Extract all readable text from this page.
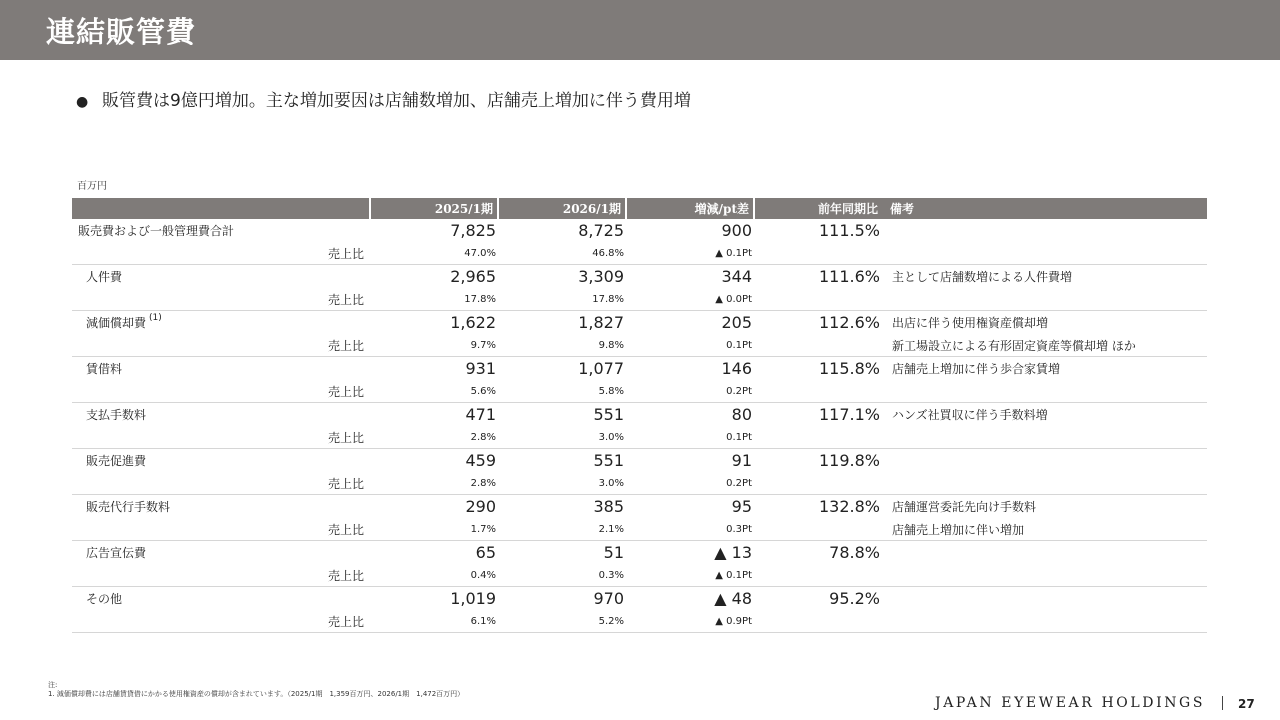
連結販管費
● 販管費は9億円増加。主な増加要因は店舗数増加、店舗売上増加に伴う費用増
百万円
	2025/1期	2026/1期	増減/pt差	前年同期比	備考
販売費および一般管理費合計	7,825	8,725	900	111.5%	
売上比	47.0%	46.8%	▲ 0.1Pt		
人件費	2,965	3,309	344	111.6%	主として店舗数増による人件費増
売上比	17.8%	17.8%	▲ 0.0Pt		
減価償却費 $^{(1)}$	1,622	1,827	205	112.6%	出店に伴う使用権資産償却増
売上比	9.7%	9.8%	0.1Pt		新工場設立による有形固定資産等償却増 ほか
賃借料	931	1,077	146	115.8%	店舗売上増加に伴う歩合家賃増
売上比	5.6%	5.8%	0.2Pt		
支払手数料	471	551	80	117.1%	ハンズ社買収に伴う手数料増
売上比	2.8%	3.0%	0.1Pt		
販売促進費	459	551	91	119.8%	
売上比	2.8%	3.0%	0.2Pt		
販売代行手数料	290	385	95	132.8%	店舗運営委託先向け手数料
売上比	1.7%	2.1%	0.3Pt		店舗売上増加に伴い増加
広告宣伝費	65	51	▲ 13	78.8%	
売上比	0.4%	0.3%	▲ 0.1Pt		
その他	1,019	970	▲ 48	95.2%	
売上比	6.1%	5.2%	▲ 0.9Pt		
注:
1. 減価償却費には店舗賃貸借にかかる使用権資産の償却が含まれています。（2025/1期　1,359百万円、2026/1期　1,472百万円）
JAPAN EYEWEAR HOLDINGS	27
